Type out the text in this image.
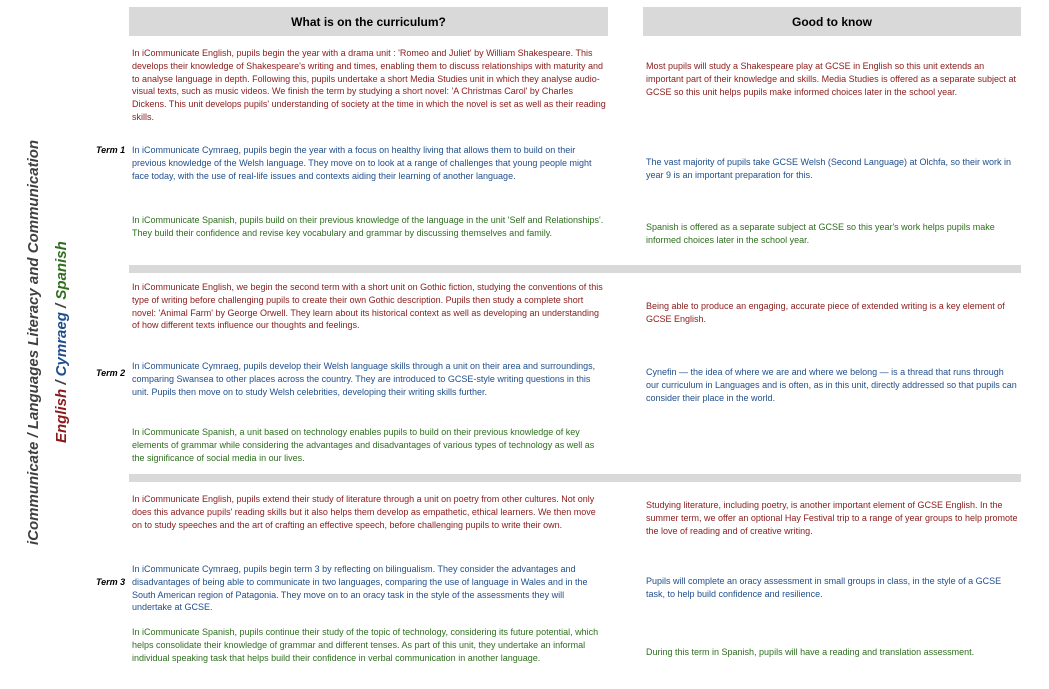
iCommunicate / Languages Literacy and Communication English / Cymraeg / Spanish
What is on the curriculum?	Good to know
Term 1
In iCommunicate English, pupils begin the year with a drama unit : 'Romeo and Juliet' by William Shakespeare. This develops their knowledge of Shakespeare's writing and times, enabling them to discuss relationships with maturity and to analyse language in depth. Following this, pupils undertake a short Media Studies unit in which they analyse audio-visual texts, such as music videos. We finish the term by studying a short novel: 'A Christmas Carol' by Charles Dickens. This unit develops pupils' understanding of society at the time in which the novel is set as well as their reading skills.
Most pupils will study a Shakespeare play at GCSE in English so this unit extends an important part of their knowledge and skills. Media Studies is offered as a separate subject at GCSE so this unit helps pupils make informed choices later in the school year.
In iCommunicate Cymraeg, pupils begin the year with a focus on healthy living that allows them to build on their previous knowledge of the Welsh language. They move on to look at a range of challenges that young people might face today, with the use of real-life issues and contexts aiding their learning of another language.
The vast majority of pupils take GCSE Welsh (Second Language) at Olchfa, so their work in year 9 is an important preparation for this.
In iCommunicate Spanish, pupils build on their previous knowledge of the language in the unit 'Self and Relationships'. They build their confidence and revise key vocabulary and grammar by discussing themselves and family.
Spanish is offered as a separate subject at GCSE so this year's work helps pupils make informed choices later in the school year.
Term 2
In iCommunicate English, we begin the second term with a short unit on Gothic fiction, studying the conventions of this type of writing before challenging pupils to create their own Gothic description. Pupils then study a complete short novel: 'Animal Farm' by George Orwell. They learn about its historical context as well as developing an understanding of how different texts influence our thoughts and feelings.
Being able to produce an engaging, accurate piece of extended writing is a key element of GCSE English.
In iCommunicate Cymraeg, pupils develop their Welsh language skills through a unit on their area and surroundings, comparing Swansea to other places across the country. They are introduced to GCSE-style writing questions in this unit. Pupils then move on to study Welsh celebrities, developing their writing skills further.
Cynefin — the idea of where we are and where we belong — is a thread that runs through our curriculum in Languages and is often, as in this unit, directly addressed so that pupils can consider their place in the world.
In iCommunicate Spanish, a unit based on technology enables pupils to build on their previous knowledge of key elements of grammar while considering the advantages and disadvantages of various types of technology as well as the significance of social media in our lives.
Term 3
In iCommunicate English, pupils extend their study of literature through a unit on poetry from other cultures. Not only does this advance pupils' reading skills but it also helps them develop as empathetic, ethical learners. We then move on to study speeches and the art of crafting an effective speech, before challenging pupils to write their own.
Studying literature, including poetry, is another important element of GCSE English. In the summer term, we offer an optional Hay Festival trip to a range of year groups to help promote the love of reading and of creative writing.
In iCommunicate Cymraeg, pupils begin term 3 by reflecting on bilingualism. They consider the advantages and disadvantages of being able to communicate in two languages, comparing the use of language in Wales and in the South American region of Patagonia. They move on to an oracy task in the style of the assessments they will undertake at GCSE.
Pupils will complete an oracy assessment in small groups in class, in the style of a GCSE task, to help build confidence and resilience.
In iCommunicate Spanish, pupils continue their study of the topic of technology, considering its future potential, which helps consolidate their knowledge of grammar and different tenses. As part of this unit, they undertake an informal individual speaking task that helps build their confidence in verbal communication in another language.
During this term in Spanish, pupils will have a reading and translation assessment.
